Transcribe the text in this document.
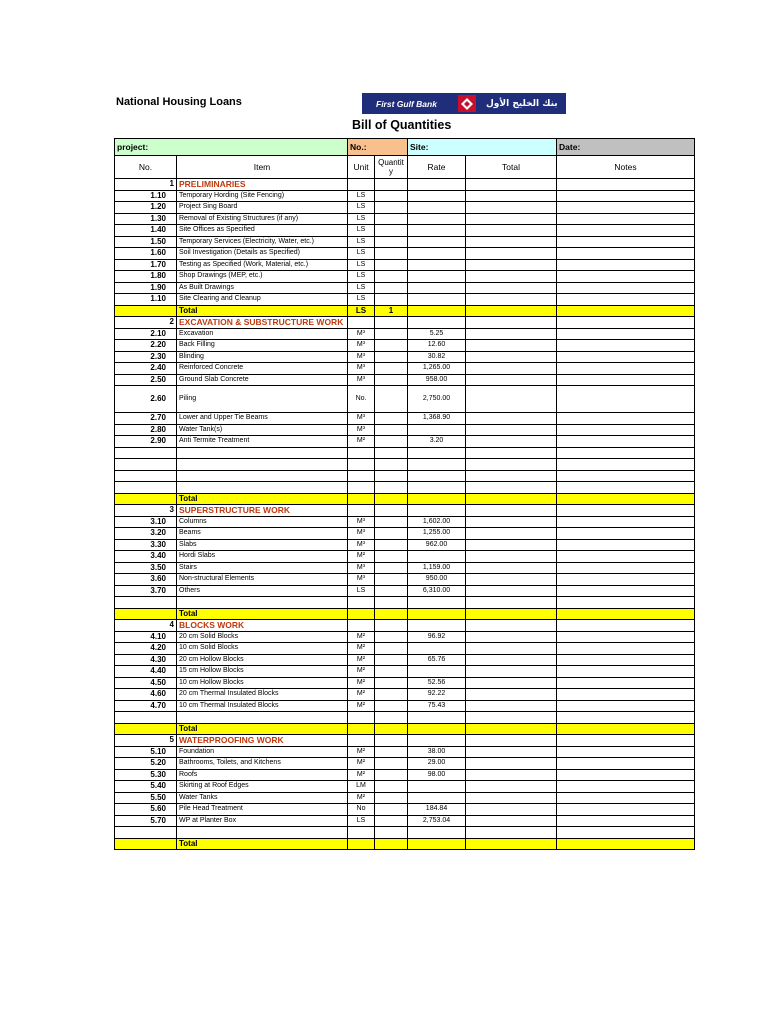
National Housing Loans	First Gulf Bank	بنك الخليج الأول
Bill of Quantities
project:		No.:		Site:		Date:
No.	Item	Unit	Quantity	Rate	Total	Notes

1	PRELIMINARIES					

1.10	Temporary Hording (Site Fencing)	LS				

1.20	Project Sing Board	LS				

1.30	Removal of Existing Structures (if any)	LS				

1.40	Site Offices as Specified	LS				

1.50	Temporary Services (Electricity, Water, etc.)	LS				

1.60	Soil Investigation (Details as Specified)	LS				

1.70	Testing as Specified (Work, Material, etc.)	LS				

1.80	Shop Drawings (MEP, etc.)	LS				

1.90	As Built Drawings	LS				

1.10	Site Clearing and Cleanup	LS				
	Total	LS	1			

2	EXCAVATION & SUBSTRUCTURE WORK					

2.10	Excavation	M³		5.25		

2.20	Back Filling	M³		12.60		

2.30	Blinding	M³		30.82		

2.40	Reinforced Concrete	M³		1,265.00		

2.50	Ground Slab Concrete	M³		958.00		

2.60	Piling	No.		2,750.00		

2.70	Lower and Upper Tie Beams	M³		1,368.90		

2.80	Water Tank(s)	M³				

2.90	Anti Termite Treatment	M²		3.20		

	Total					

3	SUPERSTRUCTURE WORK					

3.10	Columns	M³		1,602.00		

3.20	Beams	M³		1,255.00		

3.30	Slabs	M³		962.00		

3.40	Hordi Slabs	M²				

3.50	Stairs	M³		1,159.00		

3.60	Non-structural Elements	M³		950.00		

3.70	Others	LS		6,310.00		

	Total					

4	BLOCKS WORK					

4.10	20 cm Solid Blocks	M²		96.92		

4.20	10 cm Solid Blocks	M²				

4.30	20 cm Hollow Blocks	M²		65.76		

4.40	15 cm Hollow Blocks	M²				

4.50	10 cm Hollow Blocks	M²		52.56		

4.60	20 cm Thermal Insulated Blocks	M²		92.22		

4.70	10 cm Thermal Insulated Blocks	M²		75.43		

	Total					

5	WATERPROOFING WORK					

5.10	Foundation	M²		38.00		

5.20	Bathrooms, Toilets, and Kitchens	M²		29.00		

5.30	Roofs	M²		98.00		

5.40	Skirting at Roof Edges	LM				

5.50	Water Tanks	M²				

5.60	Pile Head Treatment	No		184.84		

5.70	WP at Planter Box	LS		2,753.04		

	Total					
